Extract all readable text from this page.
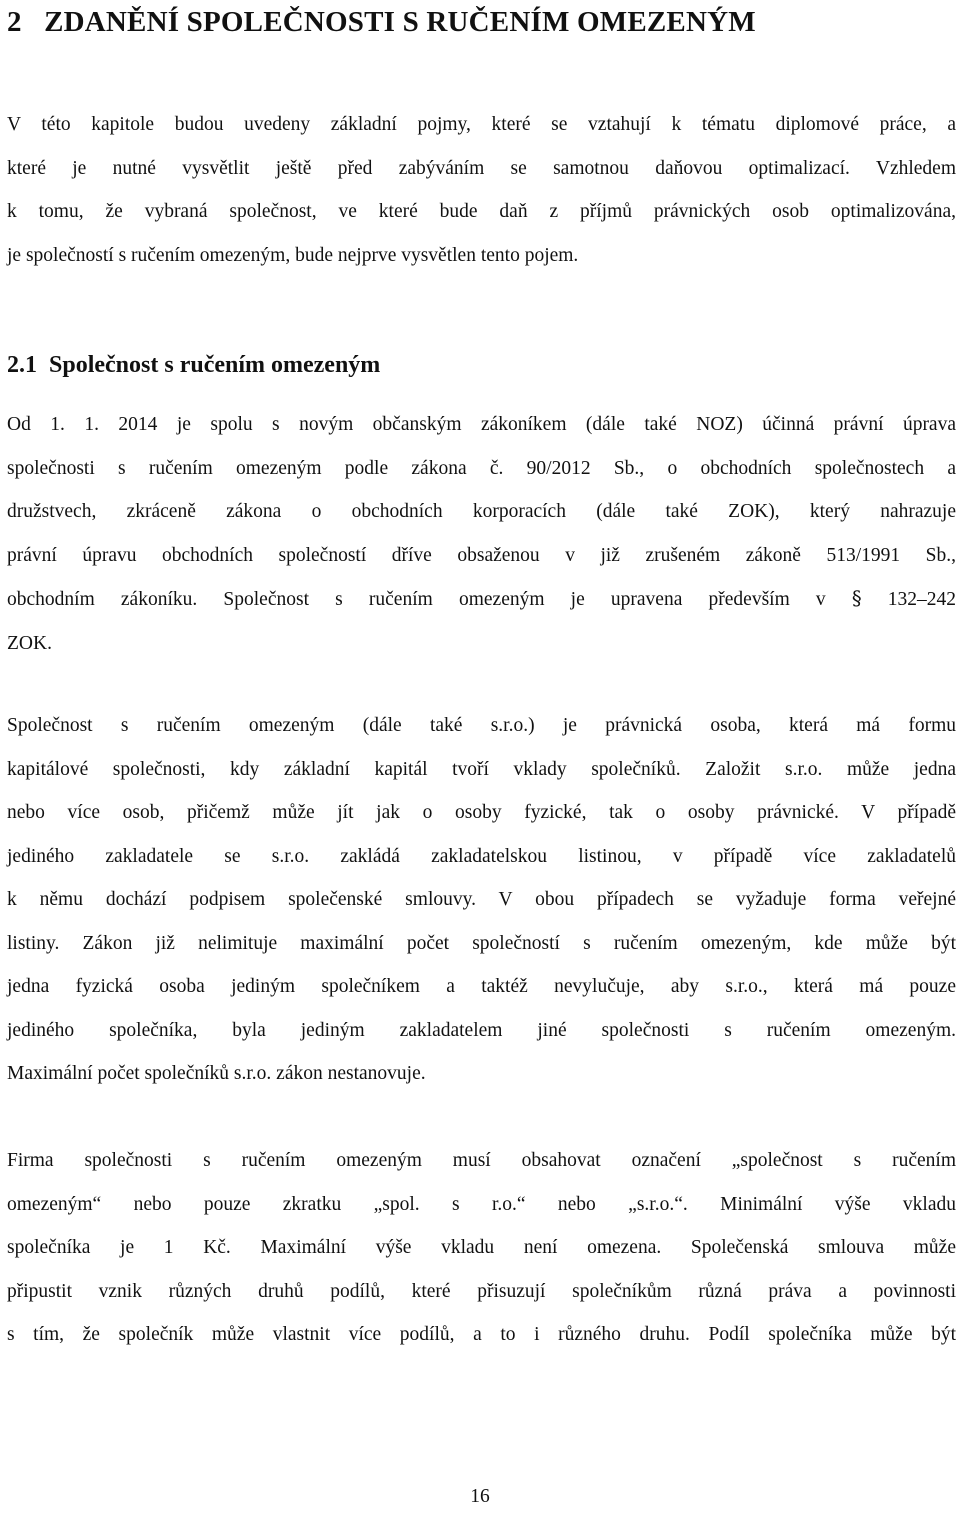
2 ZDANĚNÍ SPOLEČNOSTI S RUČENÍM OMEZENÝM
V této kapitole budou uvedeny základní pojmy, které se vztahují k tématu diplomové práce, a
které je nutné vysvětlit ještě před zabýváním se samotnou daňovou optimalizací. Vzhledem
k tomu, že vybraná společnost, ve které bude daň z příjmů právnických osob optimalizována,
je společností s ručením omezeným, bude nejprve vysvětlen tento pojem.
2.1 Společnost s ručením omezeným
Od 1. 1. 2014 je spolu s novým občanským zákoníkem (dále také NOZ) účinná právní úprava
společnosti s ručením omezeným podle zákona č. 90/2012 Sb., o obchodních společnostech a
družstvech, zkráceně zákona o obchodních korporacích (dále také ZOK), který nahrazuje
právní úpravu obchodních společností dříve obsaženou v již zrušeném zákoně 513/1991 Sb.,
obchodním zákoníku. Společnost s ručením omezeným je upravena především v § 132–242
ZOK.
Společnost s ručením omezeným (dále také s.r.o.) je právnická osoba, která má formu
kapitálové společnosti, kdy základní kapitál tvoří vklady společníků. Založit s.r.o. může jedna
nebo více osob, přičemž může jít jak o osoby fyzické, tak o osoby právnické. V případě
jediného zakladatele se s.r.o. zakládá zakladatelskou listinou, v případě více zakladatelů
k němu dochází podpisem společenské smlouvy. V obou případech se vyžaduje forma veřejné
listiny. Zákon již nelimituje maximální počet společností s ručením omezeným, kde může být
jedna fyzická osoba jediným společníkem a taktéž nevylučuje, aby s.r.o., která má pouze
jediného společníka, byla jediným zakladatelem jiné společnosti s ručením omezeným.
Maximální počet společníků s.r.o. zákon nestanovuje.
Firma společnosti s ručením omezeným musí obsahovat označení „společnost s ručením
omezeným“ nebo pouze zkratku „spol. s r.o.“ nebo „s.r.o.“. Minimální výše vkladu
společníka je 1 Kč. Maximální výše vkladu není omezena. Společenská smlouva může
připustit vznik různých druhů podílů, které přisuzují společníkům různá práva a povinnosti
s tím, že společník může vlastnit více podílů, a to i různého druhu. Podíl společníka může být
16
